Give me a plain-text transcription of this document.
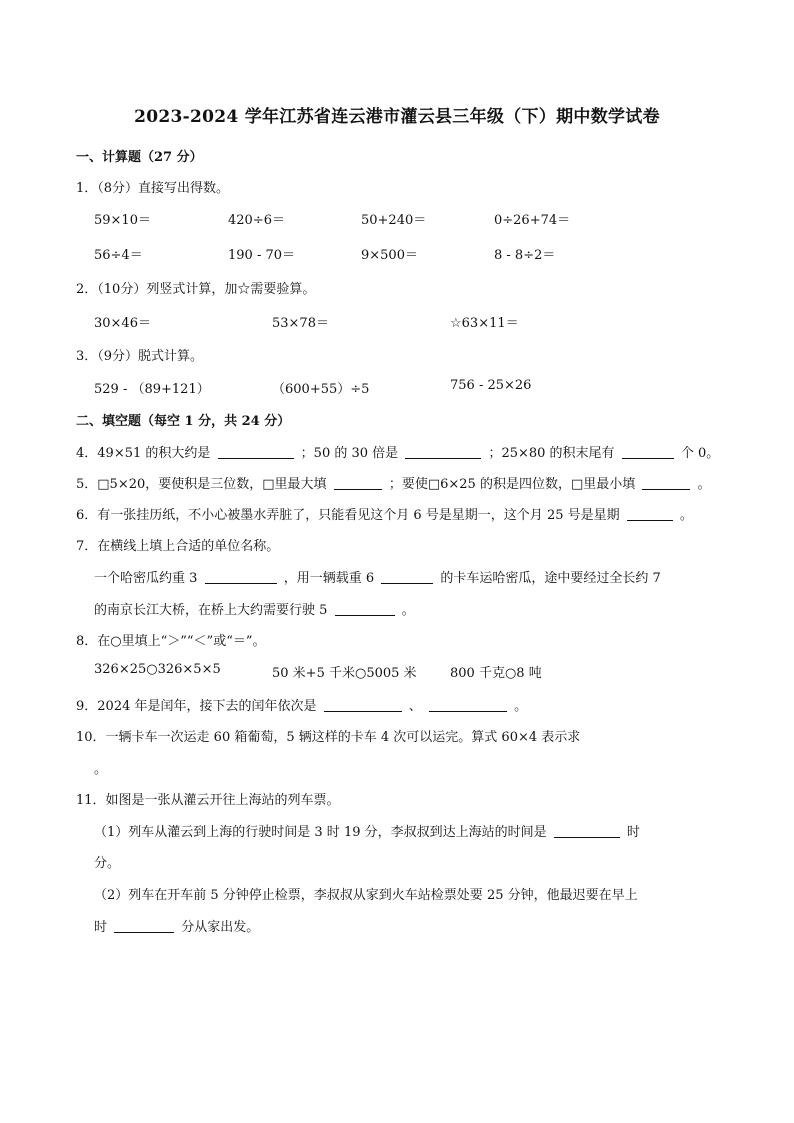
2023-2024 学年江苏省连云港市灌云县三年级（下）期中数学试卷
一、计算题（27 分）
1．（8分）直接写出得数。
59×10＝	420÷6＝	50+240＝	0÷26+74＝
56÷4＝	190 - 70＝	9×500＝	8 - 8÷2＝
2．（10分）列竖式计算，加☆需要验算。
30×46＝	53×78＝	☆63×11＝
3．（9分）脱式计算。
529 - （89+121）	（600+55）÷5	756 - 25×26
二、填空题（每空 1 分，共 24 分）
4．49×51 的积大约是	；50 的 30 倍是	；25×80 的积末尾有	个 0。
5．□5×20，要使积是三位数，□里最大填	；要使□6×25 的积是四位数，□里最小填	。
6．有一张挂历纸，不小心被墨水弄脏了，只能看见这个月 6 号是星期一，这个月 25 号是星期	。
7．在横线上填上合适的单位名称。
一个哈密瓜约重 3	，用一辆载重 6	的卡车运哈密瓜，途中要经过全长约 7
的南京长江大桥，在桥上大约需要行驶 5	。
8．在○里填上“＞”“＜”或“＝”。
326×25○326×5×5	50 米+5 千米○5005 米	800 千克○8 吨
9．2024 年是闰年，接下去的闰年依次是	、	。
10．一辆卡车一次运走 60 箱葡萄，5 辆这样的卡车 4 次可以运完。算式 60×4 表示求
。
11．如图是一张从灌云开往上海站的列车票。
（1）列车从灌云到上海的行驶时间是 3 时 19 分，李叔叔到达上海站的时间是	时
分。
（2）列车在开车前 5 分钟停止检票，李叔叔从家到火车站检票处要 25 分钟，他最迟要在早上
时	分从家出发。
